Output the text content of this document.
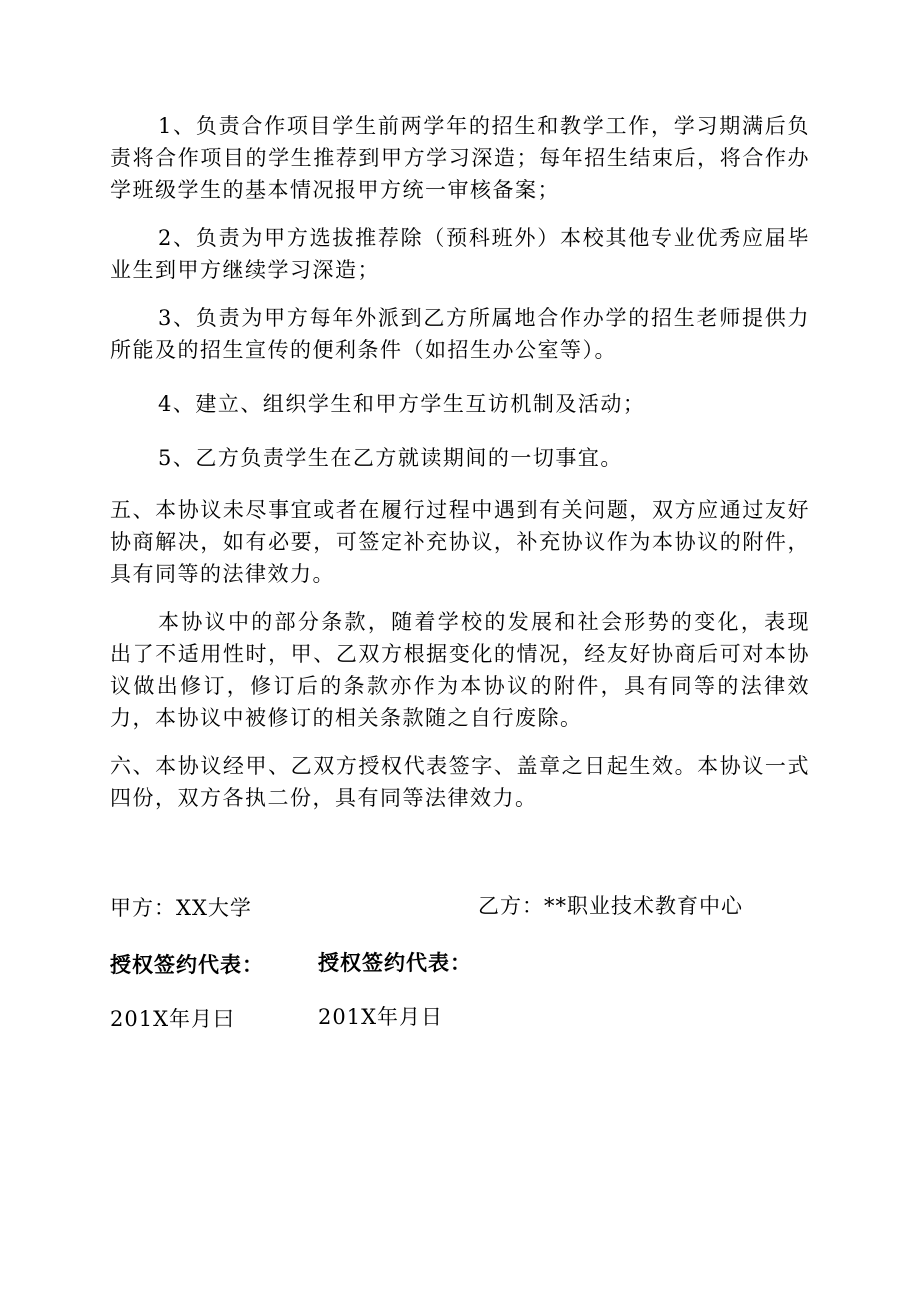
1、负责合作项目学生前两学年的招生和教学工作，学习期满后负责将合作项目的学生推荐到甲方学习深造；每年招生结束后，将合作办学班级学生的基本情况报甲方统一审核备案；

2、负责为甲方选拔推荐除（预科班外）本校其他专业优秀应届毕业生到甲方继续学习深造；

3、负责为甲方每年外派到乙方所属地合作办学的招生老师提供力所能及的招生宣传的便利条件（如招生办公室等）。

4、建立、组织学生和甲方学生互访机制及活动；

5、乙方负责学生在乙方就读期间的一切事宜。

五、本协议未尽事宜或者在履行过程中遇到有关问题，双方应通过友好协商解决，如有必要，可签定补充协议，补充协议作为本协议的附件，具有同等的法律效力。

本协议中的部分条款，随着学校的发展和社会形势的变化，表现出了不适用性时，甲、乙双方根据变化的情况，经友好协商后可对本协议做出修订，修订后的条款亦作为本协议的附件，具有同等的法律效力，本协议中被修订的相关条款随之自行废除。

六、本协议经甲、乙双方授权代表签字、盖章之日起生效。本协议一式四份，双方各执二份，具有同等法律效力。

甲方：XX大学	乙方：**职业技术教育中心
授权签约代表：	授权签约代表：
201X年月曰	201X年月日
